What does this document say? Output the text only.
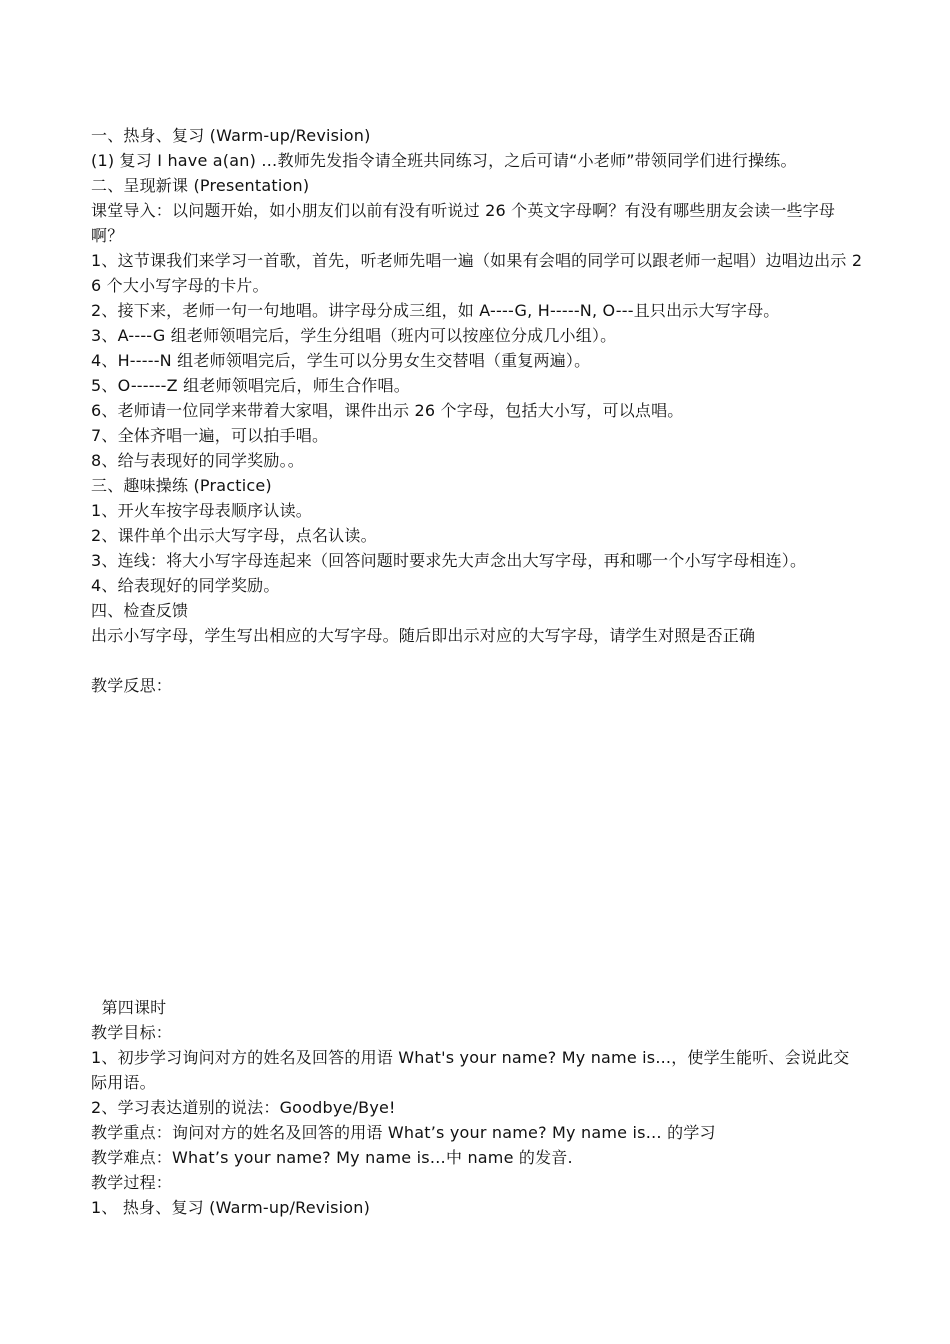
一、热身、复习 (Warm-up/Revision)

(1) 复习 I have a(an) …教师先发指令请全班共同练习，之后可请“小老师”带领同学们进行操练。

二、呈现新课 (Presentation)

课堂导入：以问题开始，如小朋友们以前有没有听说过 26 个英文字母啊？有没有哪些朋友会读一些字母啊？

1、这节课我们来学习一首歌，首先，听老师先唱一遍（如果有会唱的同学可以跟老师一起唱）边唱边出示 26 个大小写字母的卡片。

2、接下来，老师一句一句地唱。讲字母分成三组，如 A----G, H-----N, O---且只出示大写字母。

3、A----G 组老师领唱完后，学生分组唱（班内可以按座位分成几小组）。

4、H-----N 组老师领唱完后，学生可以分男女生交替唱（重复两遍）。

5、O------Z 组老师领唱完后，师生合作唱。

6、老师请一位同学来带着大家唱，课件出示 26 个字母，包括大小写，可以点唱。

7、全体齐唱一遍，可以拍手唱。

8、给与表现好的同学奖励。。

三、趣味操练 (Practice)

1、开火车按字母表顺序认读。

2、课件单个出示大写字母，点名认读。

3、连线：将大小写字母连起来（回答问题时要求先大声念出大写字母，再和哪一个小写字母相连）。

4、给表现好的同学奖励。

四、检查反馈

出示小写字母，学生写出相应的大写字母。随后即出示对应的大写字母，请学生对照是否正确

教学反思：

第四课时

教学目标：

1、初步学习询问对方的姓名及回答的用语 What's your name? My name is...，使学生能听、会说此交际用语。

2、学习表达道别的说法：Goodbye/Bye!

教学重点：询问对方的姓名及回答的用语 What’s your name? My name is… 的学习

教学难点：What’s your name? My name is…中 name 的发音.

教学过程：

1、 热身、复习 (Warm-up/Revision)
